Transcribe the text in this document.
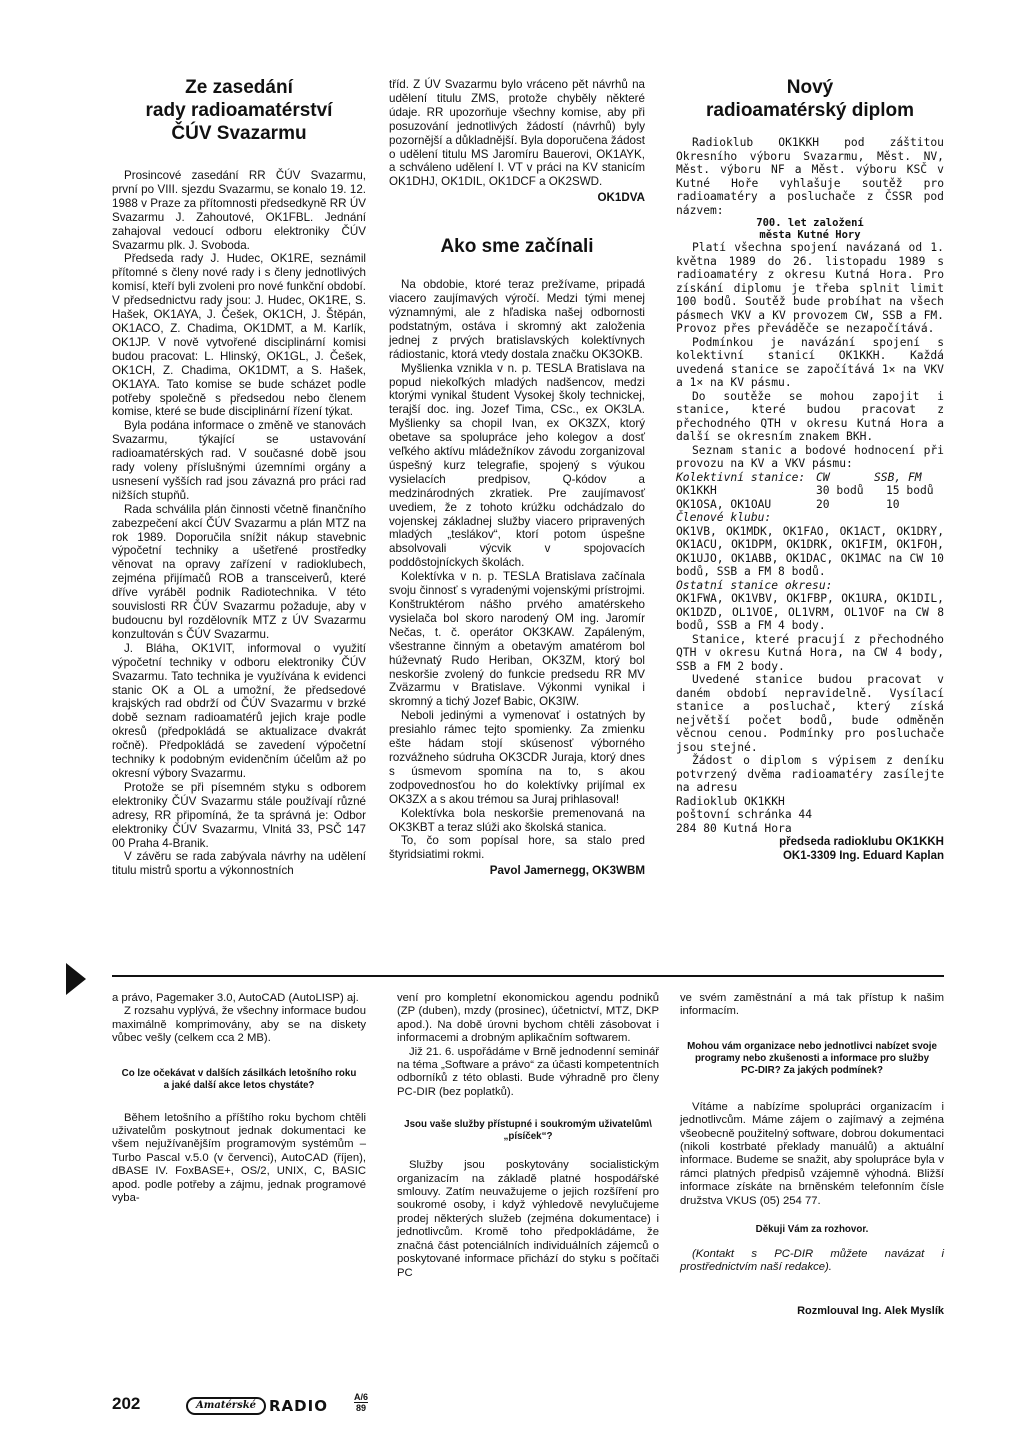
Ze zasedání
rady radioamatérství
ČÚV Svazarmu

Prosincové zasedání RR ČÚV Svazarmu, první po VIII. sjezdu Svazarmu, se konalo 19. 12. 1988 v Praze za přítomnosti předsedkyně RR ÚV Svazarmu J. Zahoutové, OK1FBL. Jednání zahajoval vedoucí odboru elektroniky ČÚV Svazarmu plk. J. Svoboda.

Předseda rady J. Hudec, OK1RE, seznámil přítomné s členy nové rady i s členy jednotlivých komisí, kteří byli zvoleni pro nové funkční období. V předsednictvu rady jsou: J. Hudec, OK1RE, S. Hašek, OK1AYA, J. Češek, OK1CH, J. Štěpán, OK1ACO, Z. Chadima, OK1DMT, a M. Karlík, OK1JP. V nově vytvořené disciplinární komisi budou pracovat: L. Hlinský, OK1GL, J. Češek, OK1CH, Z. Chadima, OK1DMT, a S. Hašek, OK1AYA. Tato komise se bude scházet podle potřeby společně s předsedou nebo členem komise, které se bude disciplinární řízení týkat.

Byla podána informace o změně ve stanovách Svazarmu, týkající se ustavování radioamatérských rad. V současné době jsou rady voleny příslušnými územními orgány a usnesení vyšších rad jsou závazná pro práci rad nižších stupňů.

Rada schválila plán činnosti včetně finančního zabezpečení akcí ČÚV Svazarmu a plán MTZ na rok 1989. Doporučila snížit nákup stavebnic výpočetní techniky a ušetřené prostředky věnovat na opravy zařízení v radioklubech, zejména přijímačů ROB a transceiverů, které dříve vyráběl podnik Radiotechnika. V této souvislosti RR ČÚV Svazarmu požaduje, aby v budoucnu byl rozdělovník MTZ z ÚV Svazarmu konzultován s ČÚV Svazarmu.

J. Bláha, OK1VIT, informoval o využití výpočetní techniky v odboru elektroniky ČÚV Svazarmu. Tato technika je využívána k evidenci stanic OK a OL a umožní, že předsedové krajských rad obdrží od ČÚV Svazarmu v brzké době seznam radioamatérů jejich kraje podle okresů (předpokládá se aktualizace dvakrát ročně). Předpokládá se zavedení výpočetní techniky k podobným evidenčním účelům až po okresní výbory Svazarmu.

Protože se při písemném styku s odborem elektroniky ČÚV Svazarmu stále používají různé adresy, RR připomíná, že ta správná je: Odbor elektroniky ČÚV Svazarmu, Vlnitá 33, PSČ 147 00 Praha 4-Branik.

V závěru se rada zabývala návrhy na udělení titulu mistrů sportu a výkonnostních

tříd. Z ÚV Svazarmu bylo vráceno pět návrhů na udělení titulu ZMS, protože chyběly některé údaje. RR upozorňuje všechny komise, aby při posuzování jednotlivých žádostí (návrhů) byly pozornější a důkladnější. Byla doporučena žádost o udělení titulu MS Jaromíru Bauerovi, OK1AYK, a schváleno udělení I. VT v práci na KV stanicím OK1DHJ, OK1DIL, OK1DCF a OK2SWD.

OK1DVA

Ako sme začínali

Na obdobie, ktoré teraz prežívame, pripadá viacero zaujímavých výročí. Medzi tými menej významnými, ale z hľadiska našej odbornosti podstatným, ostáva i skromný akt založenia jednej z prvých bratislavských kolektívnych rádiostanic, ktorá vtedy dostala značku OK3OKB.

Myšlienka vznikla v n. p. TESLA Bratislava na popud niekoľkých mladých nadšencov, medzi ktorými vynikal študent Vysokej školy technickej, terajší doc. ing. Jozef Tima, CSc., ex OK3LA. Myšlienky sa chopil Ivan, ex OK3ZX, ktorý obetave sa spolupráce jeho kolegov a dosť veľkého aktívu mládežníkov závodu zorganizoval úspešný kurz telegrafie, spojený s výukou vysielacích predpisov, Q-kódov a medzinárodných zkratiek. Pre zaujímavosť uvediem, že z tohoto krúžku odchádzalo do vojenskej základnej služby viacero pripravených mladých „teslákov“, ktorí potom úspešne absolvovali výcvik v spojovacích poddôstojníckych školách.

Kolektívka v n. p. TESLA Bratislava začínala svoju činnosť s vyradenými vojenskými prístrojmi. Konštruktérom nášho prvého amatérskeho vysielača bol skoro narodený OM ing. Jaromír Nečas, t. č. operátor OK3KAW. Zapáleným, všestranne činným a obetavým amatérom bol húževnatý Rudo Heriban, OK3ZM, ktorý bol neskoršie zvolený do funkcie predsedu RR MV Zväzarmu v Bratislave. Výkonmi vynikal i skromný a tichý Jozef Babic, OK3IW.

Neboli jedinými a vymenovať i ostatných by presiahlo rámec tejto spomienky. Za zmienku ešte hádam stojí skúsenosť výborného rozvážneho súdruha OK3CDR Juraja, ktorý dnes s úsmevom spomína na to, s akou zodpovednosťou ho do kolektívky prijímal ex OK3ZX a s akou trémou sa Juraj prihlasoval!

Kolektívka bola neskoršie premenovaná na OK3KBT a teraz slúži ako školská stanica.

To, čo som popísal hore, sa stalo pred štyridsiatimi rokmi.

Pavol Jamernegg, OK3WBM

Nový
radioamatérský diplom

Radioklub OK1KKH pod záštitou Okresního výboru Svazarmu, Měst. NV, Měst. výboru NF a Měst. výboru KSČ v Kutné Hoře vyhlašuje soutěž pro radioamatéry a posluchače z ČSSR pod názvem:

700. let založení
města Kutné Hory

Platí všechna spojení navázaná od 1. května 1989 do 26. listopadu 1989 s radioamatéry z okresu Kutná Hora. Pro získání diplomu je třeba splnit limit 100 bodů. Soutěž bude probíhat na všech pásmech VKV a KV provozem CW, SSB a FM. Provoz přes převáděče se nezapočítává.

Podmínkou je navázání spojení s kolektivní stanicí OK1KKH. Každá uvedená stanice se započítává 1× na VKV a 1× na KV pásmu.

Do soutěže se mohou zapojit i stanice, které budou pracovat z přechodného QTH v okresu Kutná Hora a další se okresním znakem BKH.

Seznam stanic a bodové hodnocení při provozu na KV a VKV pásmu:

Kolektivní stanice: CW	SSB, FM
OK1KKH	30 bodů	15 bodů
OK1OSA, OK1OAU	20	10

Členové klubu:

OK1VB, OK1MDK, OK1FAO, OK1ACT, OK1DRY, OK1ACU, OK1DPM, OK1DRK, OK1FIM, OK1FOH, OK1UJO, OK1ABB, OK1DAC, OK1MAC na CW 10 bodů, SSB a FM 8 bodů.

Ostatní stanice okresu:

OK1FWA, OK1VBV, OK1FBP, OK1URA, OK1DIL, OK1DZD, OL1VOE, OL1VRM, OL1VOF na CW 8 bodů, SSB a FM 4 body.

Stanice, které pracují z přechodného QTH v okresu Kutná Hora, na CW 4 body, SSB a FM 2 body.

Uvedené stanice budou pracovat v daném období nepravidelně. Vysílací stanice a posluchač, který získá největší počet bodů, bude odměněn věcnou cenou. Podmínky pro posluchače jsou stejné.

Žádost o diplom s výpisem z deníku potvrzený dvěma radioamatéry zasílejte na adresu

Radioklub OK1KKH
poštovní schránka 44
284 80 Kutná Hora
předseda radioklubu OK1KKH
OK1-3309 Ing. Eduard Kaplan

a právo, Pagemaker 3.0, AutoCAD (AutoLISP) aj.

Z rozsahu vyplývá, že všechny informace budou maximálně komprimovány, aby se na diskety vůbec vešly (celkem cca 2 MB).

Co lze očekávat v dalších zásilkách letošního roku a jaké další akce letos chystáte?

Během letošního a příštího roku bychom chtěli uživatelům poskytnout jednak dokumentaci ke všem nejužívanějším programovým systémům – Turbo Pascal v.5.0 (v červenci), AutoCAD (říjen), dBASE IV. FoxBASE+, OS/2, UNIX, C, BASIC apod. podle potřeby a zájmu, jednak programové vyba-

vení pro kompletní ekonomickou agendu podniků (ZP (duben), mzdy (prosinec), účetnictví, MTZ, DKP apod.). Na době úrovni bychom chtěli zásobovat i informacemi a drobným aplikačním softwarem.

Již 21. 6. uspořádáme v Brně jednodenní seminář na téma „Software a právo“ za účasti kompetentních odborníků z této oblasti. Bude výhradně pro členy PC-DIR (bez poplatků).

Jsou vaše služby přístupné i soukromým uživatelům\„písíček“?

Služby jsou poskytovány socialistickým organizacím na základě platné hospodářské smlouvy. Zatím neuvažujeme o jejich rozšíření pro soukromé osoby, i když výhledově nevylučujeme prodej některých služeb (zejména dokumentace) i jednotlivcům. Kromě toho předpokládáme, že značná část potenciálních individuálních zájemců o poskytované informace přichází do styku s počítači PC

ve svém zaměstnání a má tak přístup k našim informacím.

Mohou vám organizace nebo jednotlivci nabízet svoje programy nebo zkušenosti a informace pro služby PC-DIR? Za jakých podmínek?

Vítáme a nabízíme spolupráci organizacím i jednotlivcům. Máme zájem o zajímavý a zejména všeobecně použitelný software, dobrou dokumentaci (nikoli kostrbaté překlady manuálů) a aktuální informace. Budeme se snažit, aby spolupráce byla v rámci platných předpisů vzájemně výhodná. Bližší informace získáte na brněnském telefonním čísle družstva VKUS (05) 254 77.

Děkuji Vám za rozhovor.

(Kontakt s PC-DIR můžete navázat i prostřednictvím naší redakce).

Rozmlouval Ing. Alek Myslík

202	Amatérské RADIO	A/6
89
